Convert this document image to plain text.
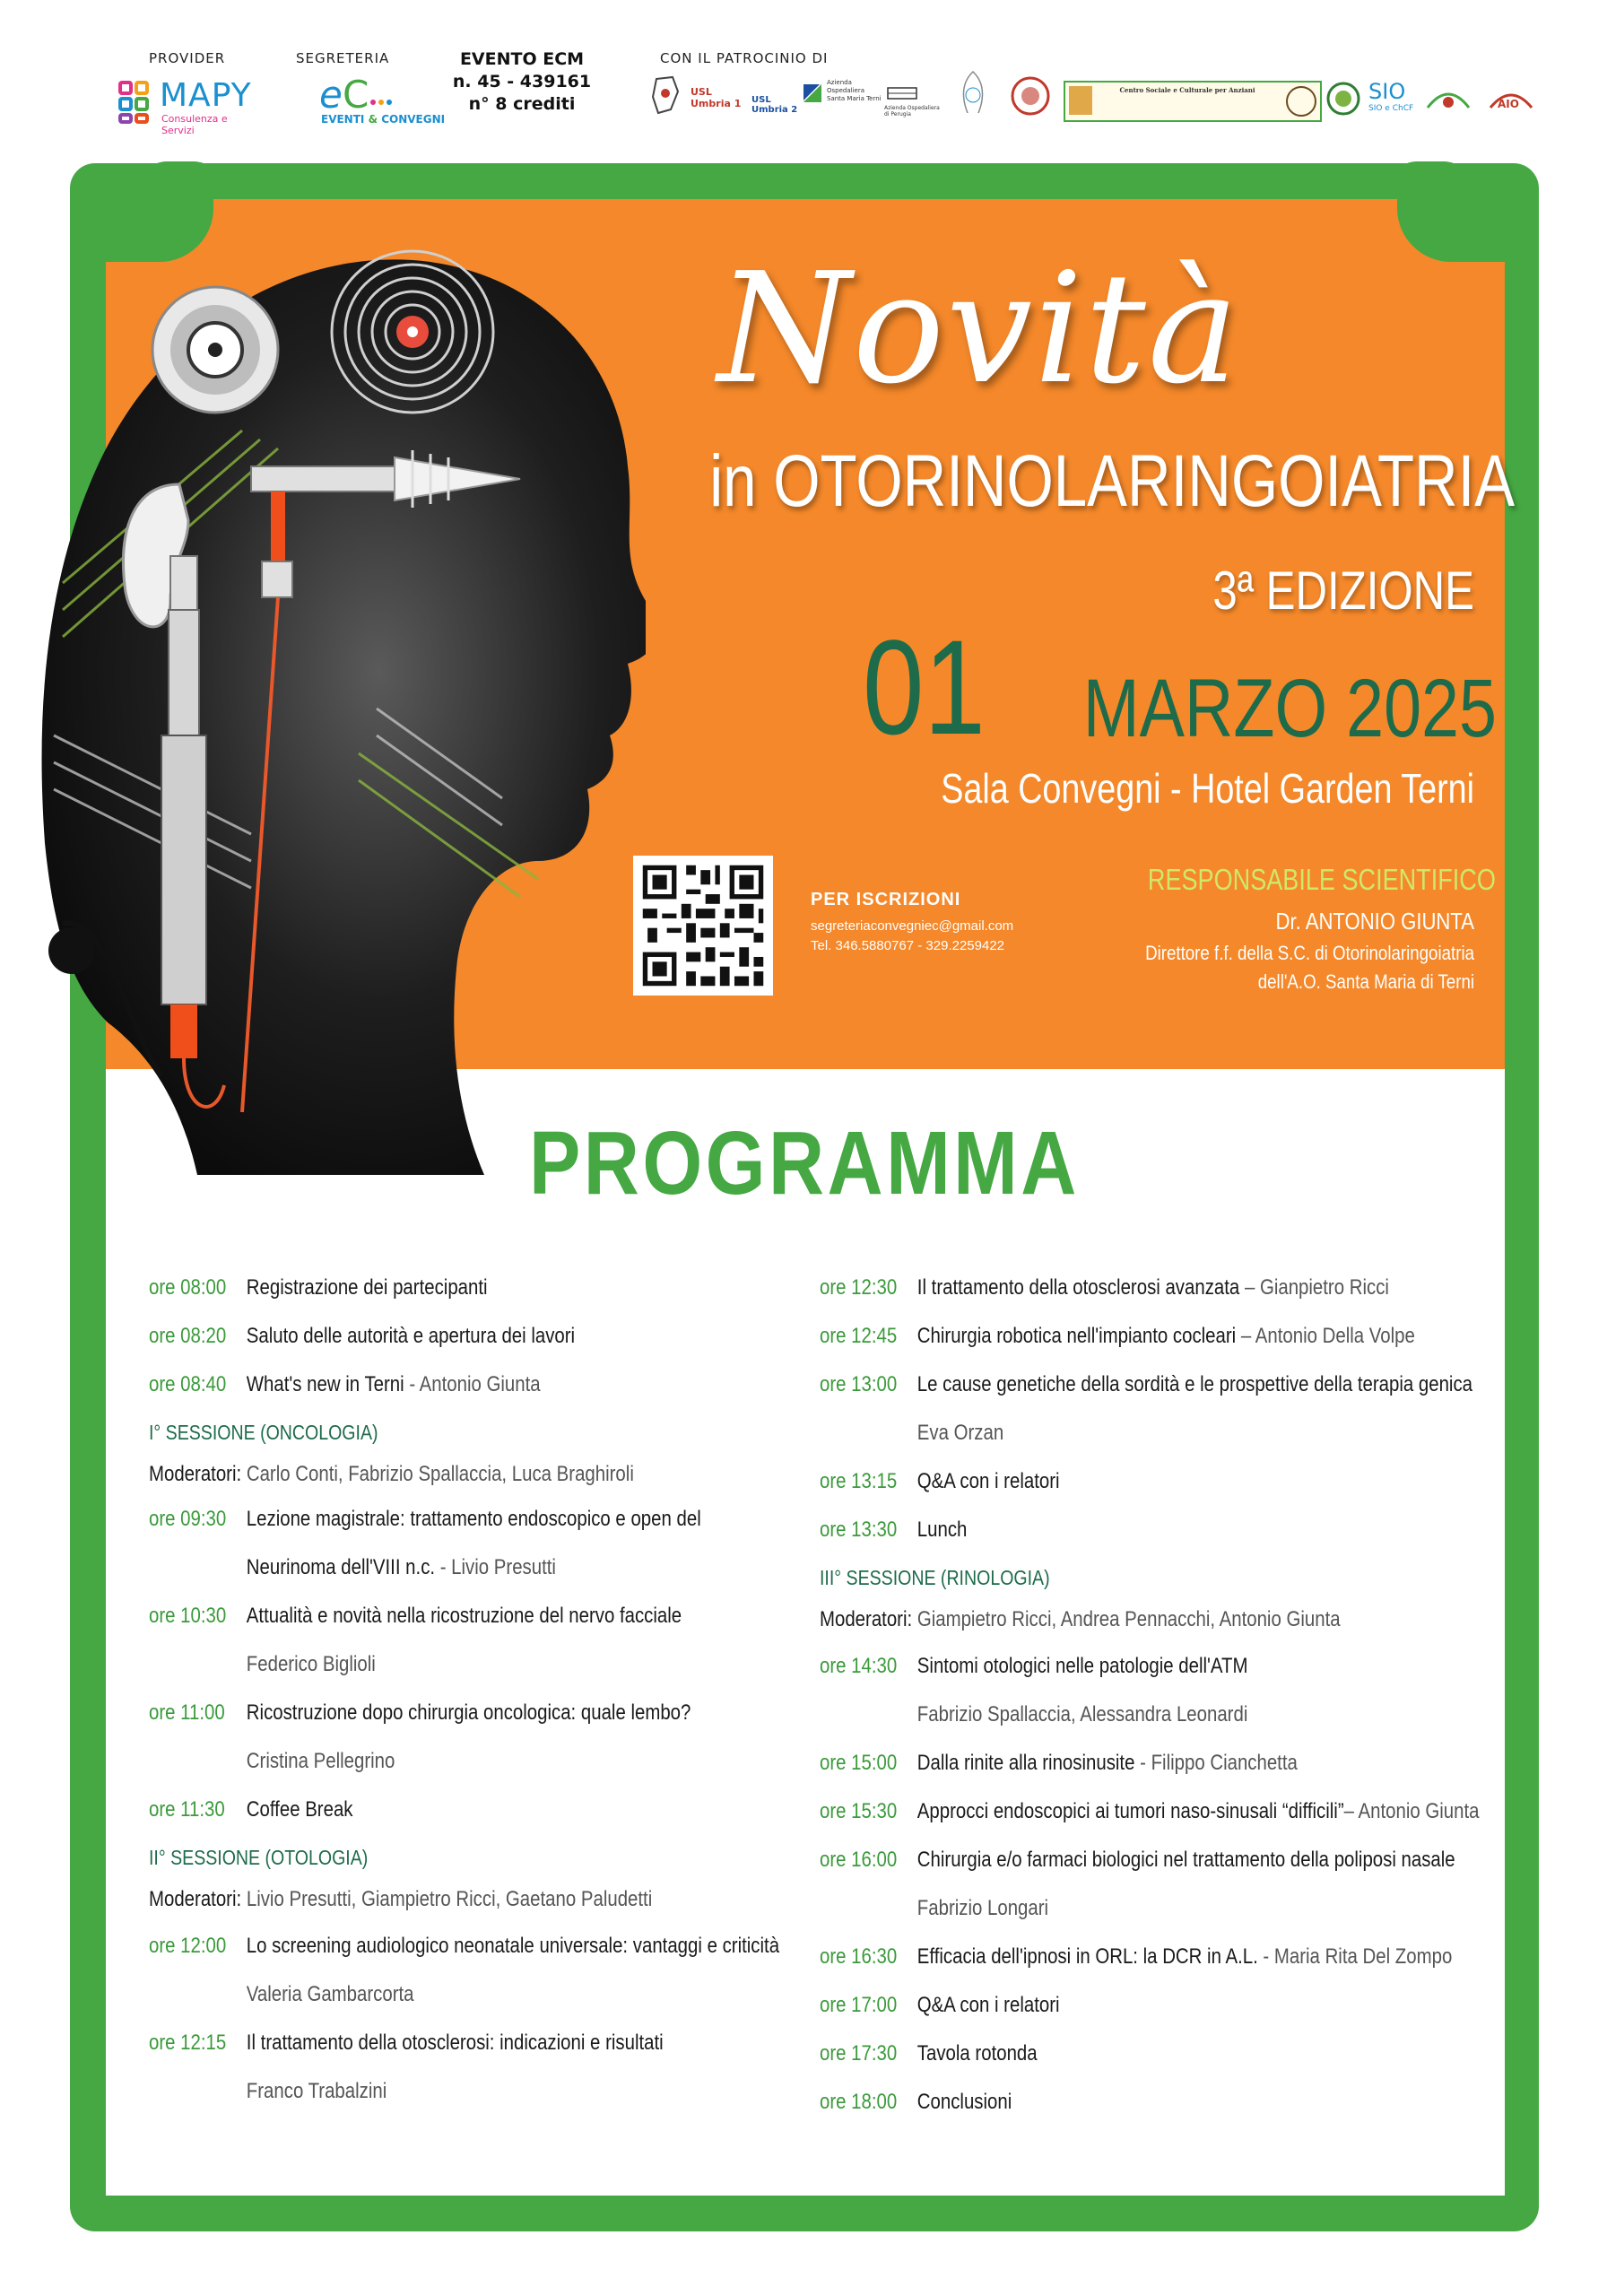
PROVIDER
MAPY
Consulenza e Servizi
SEGRETERIA
e C
EVENTI & CONVEGNI
EVENTO ECM
n. 45 - 439161
n° 8 crediti
CON IL PATROCINIO DI
USL Umbria 1	USL Umbria 2
Azienda Ospedaliera Santa Maria Terni
Azienda Ospedaliera di Perugia
Centro Sociale e Culturale per Anziani	SIO
SIO e ChCF	AIO
Novità
in OTORINOLARINGOIATRIA
3ª EDIZIONE
01 MARZO 2025
Sala Convegni - Hotel Garden Terni
PER ISCRIZIONI
segreteriaconvegniec@gmail.com
Tel. 346.5880767 - 329.2259422
RESPONSABILE SCIENTIFICO
Dr. ANTONIO GIUNTA
Direttore f.f. della S.C. di Otorinolaringoiatria
dell'A.O. Santa Maria di Terni
PROGRAMMA
ore 08:00 Registrazione dei partecipanti
ore 08:20 Saluto delle autorità e apertura dei lavori
ore 08:40 What's new in Terni - Antonio Giunta
I° SESSIONE (ONCOLOGIA)
Moderatori: Carlo Conti, Fabrizio Spallaccia, Luca Braghiroli
ore 09:30 Lezione magistrale: trattamento endoscopico e open del
Neurinoma dell'VIII n.c. - Livio Presutti
ore 10:30 Attualità e novità nella ricostruzione del nervo facciale
Federico Biglioli
ore 11:00 Ricostruzione dopo chirurgia oncologica: quale lembo?
Cristina Pellegrino
ore 11:30 Coffee Break
II° SESSIONE (OTOLOGIA)
Moderatori: Livio Presutti, Giampietro Ricci, Gaetano Paludetti
ore 12:00 Lo screening audiologico neonatale universale: vantaggi e criticità
Valeria Gambarcorta
ore 12:15 Il trattamento della otosclerosi: indicazioni e risultati
Franco Trabalzini
ore 12:30 Il trattamento della otosclerosi avanzata – Gianpietro Ricci
ore 12:45 Chirurgia robotica nell'impianto cocleari – Antonio Della Volpe
ore 13:00 Le cause genetiche della sordità e le prospettive della terapia genica
Eva Orzan
ore 13:15 Q&A con i relatori
ore 13:30 Lunch
III° SESSIONE (RINOLOGIA)
Moderatori: Giampietro Ricci, Andrea Pennacchi, Antonio Giunta
ore 14:30 Sintomi otologici nelle patologie dell'ATM
Fabrizio Spallaccia, Alessandra Leonardi
ore 15:00 Dalla rinite alla rinosinusite - Filippo Cianchetta
ore 15:30 Approcci endoscopici ai tumori naso-sinusali “difficili”– Antonio Giunta
ore 16:00 Chirurgia e/o farmaci biologici nel trattamento della poliposi nasale
Fabrizio Longari
ore 16:30 Efficacia dell'ipnosi in ORL: la DCR in A.L. - Maria Rita Del Zompo
ore 17:00 Q&A con i relatori
ore 17:30 Tavola rotonda
ore 18:00 Conclusioni
